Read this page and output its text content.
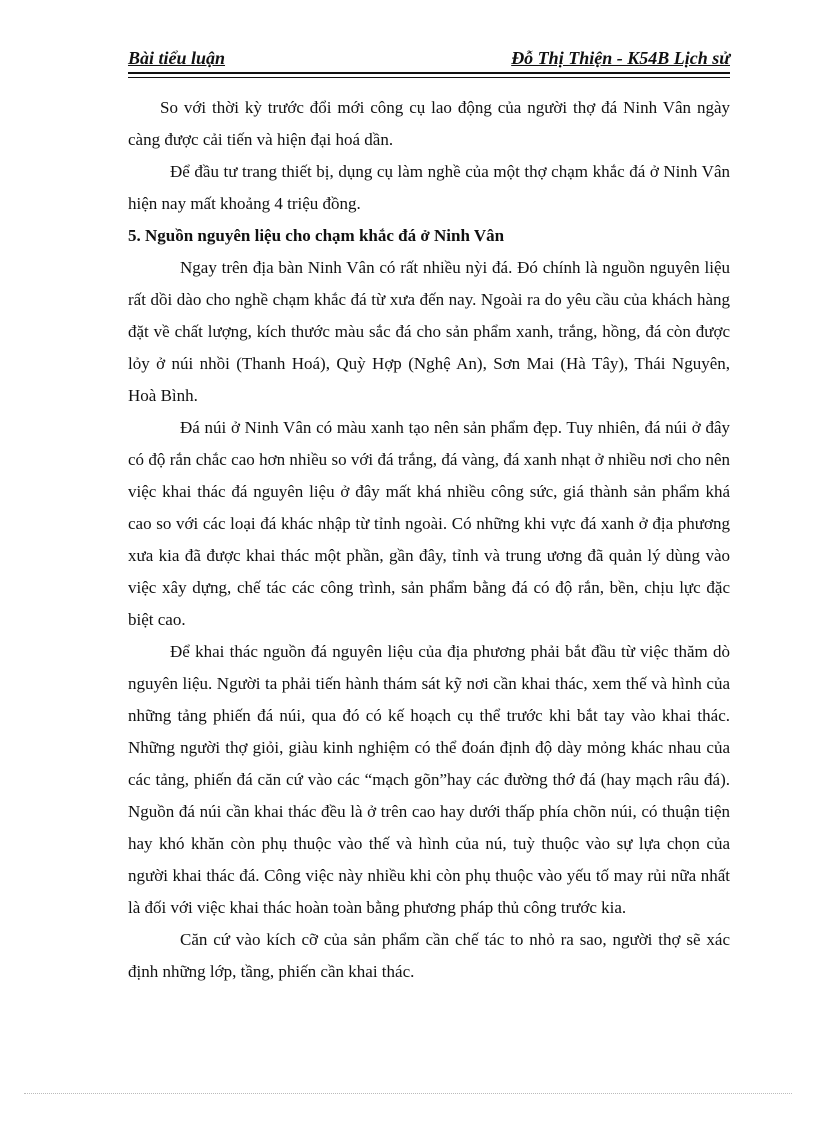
Bài tiểu luận	Đỗ Thị Thiện - K54B Lịch sử

So với thời kỳ trước đổi mới công cụ lao động của người thợ đá Ninh Vân ngày càng được cải tiến và hiện đại hoá dần.

Để đầu tư trang thiết bị, dụng cụ làm nghề của một thợ chạm khắc đá ở Ninh Vân hiện nay mất khoảng 4 triệu đồng.

5. Nguồn nguyên liệu cho chạm khắc đá ở Ninh Vân

Ngay trên địa bàn Ninh Vân có rất nhiều nỳi đá. Đó chính là nguồn nguyên liệu rất dồi dào cho nghề chạm khắc đá từ xưa đến nay. Ngoài ra do yêu cầu của khách hàng đặt về chất lượng, kích thước màu sắc đá cho sản phẩm xanh, trắng, hồng, đá còn được lỏy ở núi nhồi (Thanh Hoá), Quỳ Hợp (Nghệ An), Sơn Mai (Hà Tây), Thái Nguyên, Hoà Bình.

Đá núi ở Ninh Vân có màu xanh tạo nên sản phẩm đẹp. Tuy nhiên, đá núi ở đây có độ rắn chắc cao hơn nhiều so với đá trắng, đá vàng, đá xanh nhạt ở nhiều nơi cho nên việc khai thác đá nguyên liệu ở đây mất khá nhiều công sức, giá thành sản phẩm khá cao so với các loại đá khác nhập từ tỉnh ngoài. Có những khi vực đá xanh ở địa phương xưa kia đã được khai thác một phần, gần đây, tỉnh và trung ương đã quản lý dùng vào việc xây dựng, chế tác các công trình, sản phẩm bằng đá có độ rắn, bền, chịu lực đặc biệt cao.

Để khai thác nguồn đá nguyên liệu của địa phương phải bắt đầu từ việc thăm dò nguyên liệu. Người ta phải tiến hành thám sát kỹ nơi cần khai thác, xem thế và hình của những tảng phiến đá núi, qua đó có kế hoạch cụ thể trước khi bắt tay vào khai thác. Những người thợ giỏi, giàu kinh nghiệm có thể đoán định độ dày mỏng khác nhau của các tảng, phiến đá căn cứ vào các “mạch gõn”hay các đường thớ đá (hay mạch râu đá). Nguồn đá núi cần khai thác đều là ở trên cao hay dưới thấp phía chõn núi, có thuận tiện hay khó khăn còn phụ thuộc vào thế và hình của nú, tuỳ thuộc vào sự lựa chọn của người khai thác đá. Công việc này nhiều khi còn phụ thuộc vào yếu tố may rủi nữa nhất là đối với việc khai thác hoàn toàn bằng phương pháp thủ công trước kia.

Căn cứ vào kích cỡ của sản phẩm cần chế tác to nhỏ ra sao, người thợ sẽ xác định những lớp, tầng, phiến cần khai thác.
